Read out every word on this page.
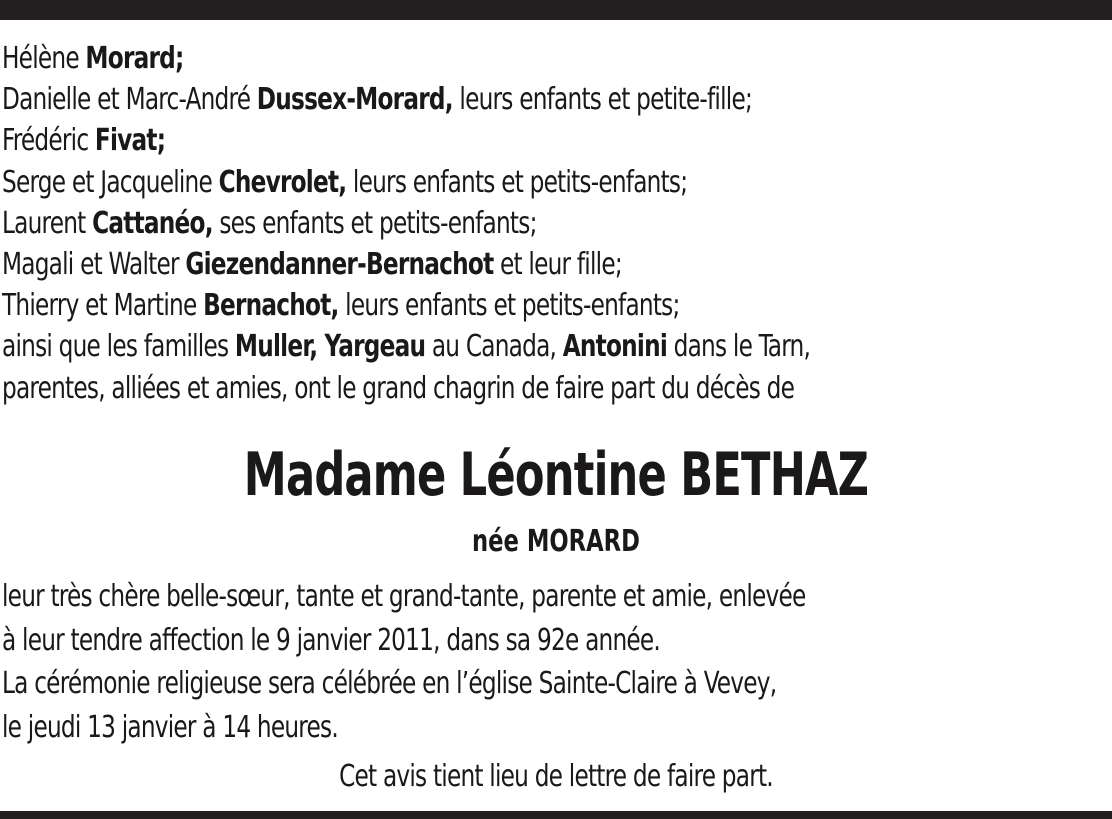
Hélène Morard;
Danielle et Marc-André Dussex-Morard, leurs enfants et petite-fille;
Frédéric Fivat;
Serge et Jacqueline Chevrolet, leurs enfants et petits-enfants;
Laurent Cattanéo, ses enfants et petits-enfants;
Magali et Walter Giezendanner-Bernachot et leur fille;
Thierry et Martine Bernachot, leurs enfants et petits-enfants;
ainsi que les familles Muller, Yargeau au Canada, Antonini dans le Tarn,
parentes, alliées et amies, ont le grand chagrin de faire part du décès de
Madame Léontine BETHAZ
née MORARD
leur très chère belle-sœur, tante et grand-tante, parente et amie, enlevée
à leur tendre affection le 9 janvier 2011, dans sa 92e année.
La cérémonie religieuse sera célébrée en l’église Sainte-Claire à Vevey,
le jeudi 13 janvier à 14 heures.
Cet avis tient lieu de lettre de faire part.
